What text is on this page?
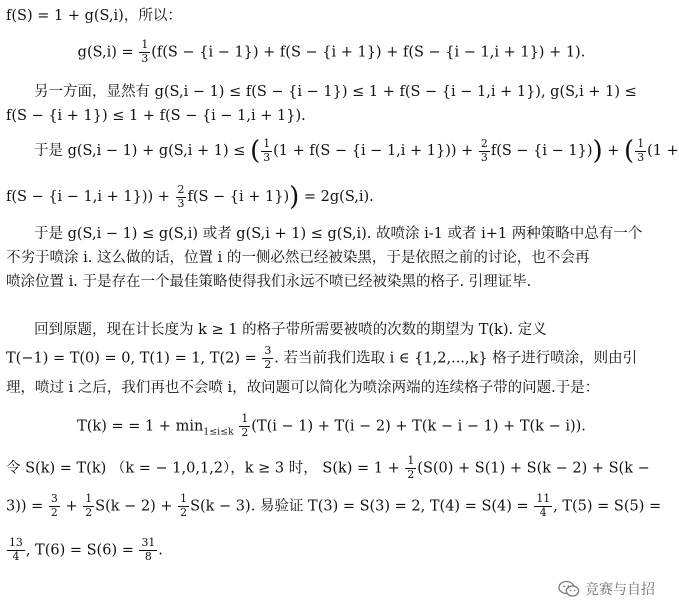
f(S) = 1 + g(S,i)，所以：
$g(S,i) = \frac{1}{3} (f(S - \{i - 1\}) + f(S - \{i + 1\}) + f(S - \{i - 1,i + 1\}) + 1)$.
另一方面，显然有 g(S,i − 1) ≤ f(S − {i − 1}) ≤ 1 + f(S − {i − 1,i + 1}), g(S,i + 1) ≤
f(S − {i + 1}) ≤ 1 + f(S − {i − 1,i + 1}).
于是 g(S,i − 1) + g(S,i + 1) ≤ ( $\frac{1}{3} (1 + f(S - \{i - 1,i + 1\})) + \frac{2}{3} f(S - \{i - 1\})$) + ( $\frac{1}{3} (1$ +
$f(S - \{i - 1,i + 1\})) + \frac{2}{3} f(S - \{i + 1\})) = 2g(S,i)$.
于是 g(S,i − 1) ≤ g(S,i) 或者 g(S,i + 1) ≤ g(S,i). 故喷涂 i-1 或者 i+1 两种策略中总有一个
不劣于喷涂 i. 这么做的话，位置 i 的一侧必然已经被染黑，于是依照之前的讨论，也不会再
喷涂位置 i. 于是存在一个最佳策略使得我们永远不喷已经被染黑的格子. 引理证毕.
回到原题，现在计长度为 k ≥ 1 的格子带所需要被喷的次数的期望为 T(k). 定义
T(−1) = T(0) = 0, T(1) = 1, $T(2) = \frac{3}{2}$ . 若当前我们选取 i ∈ {1,2,...,k} 格子进行喷涂，则由引
理，喷过 i 之后，我们再也不会喷 i，故问题可以简化为喷涂两端的连续格子带的问题.于是：
T(k) = = $1 + \min_{1\le i\le k} \frac{1}{2} (T(i - 1) + T(i - 2) + T(k - i - 1) + T(k - i))$.
令 S(k) = T(k) （k = − 1,0,1,2），k ≥ 3 时， $S(k) = 1 + \frac{1}{2} (S(0) + S(1) + S(k - 2) + S(k$ −
$3)) = \frac{3}{2} + \frac{1}{2} S(k - 2) + \frac{1}{2} S(k - 3)$. 易验证 T(3) = S(3) = 2, $T(4) = S(4) = \frac{11}{4}$ , T(5) = S(5) =
$\frac{13}{4}$ , $T(6) = S(6) = \frac{31}{8}$ .
竞赛与自招
